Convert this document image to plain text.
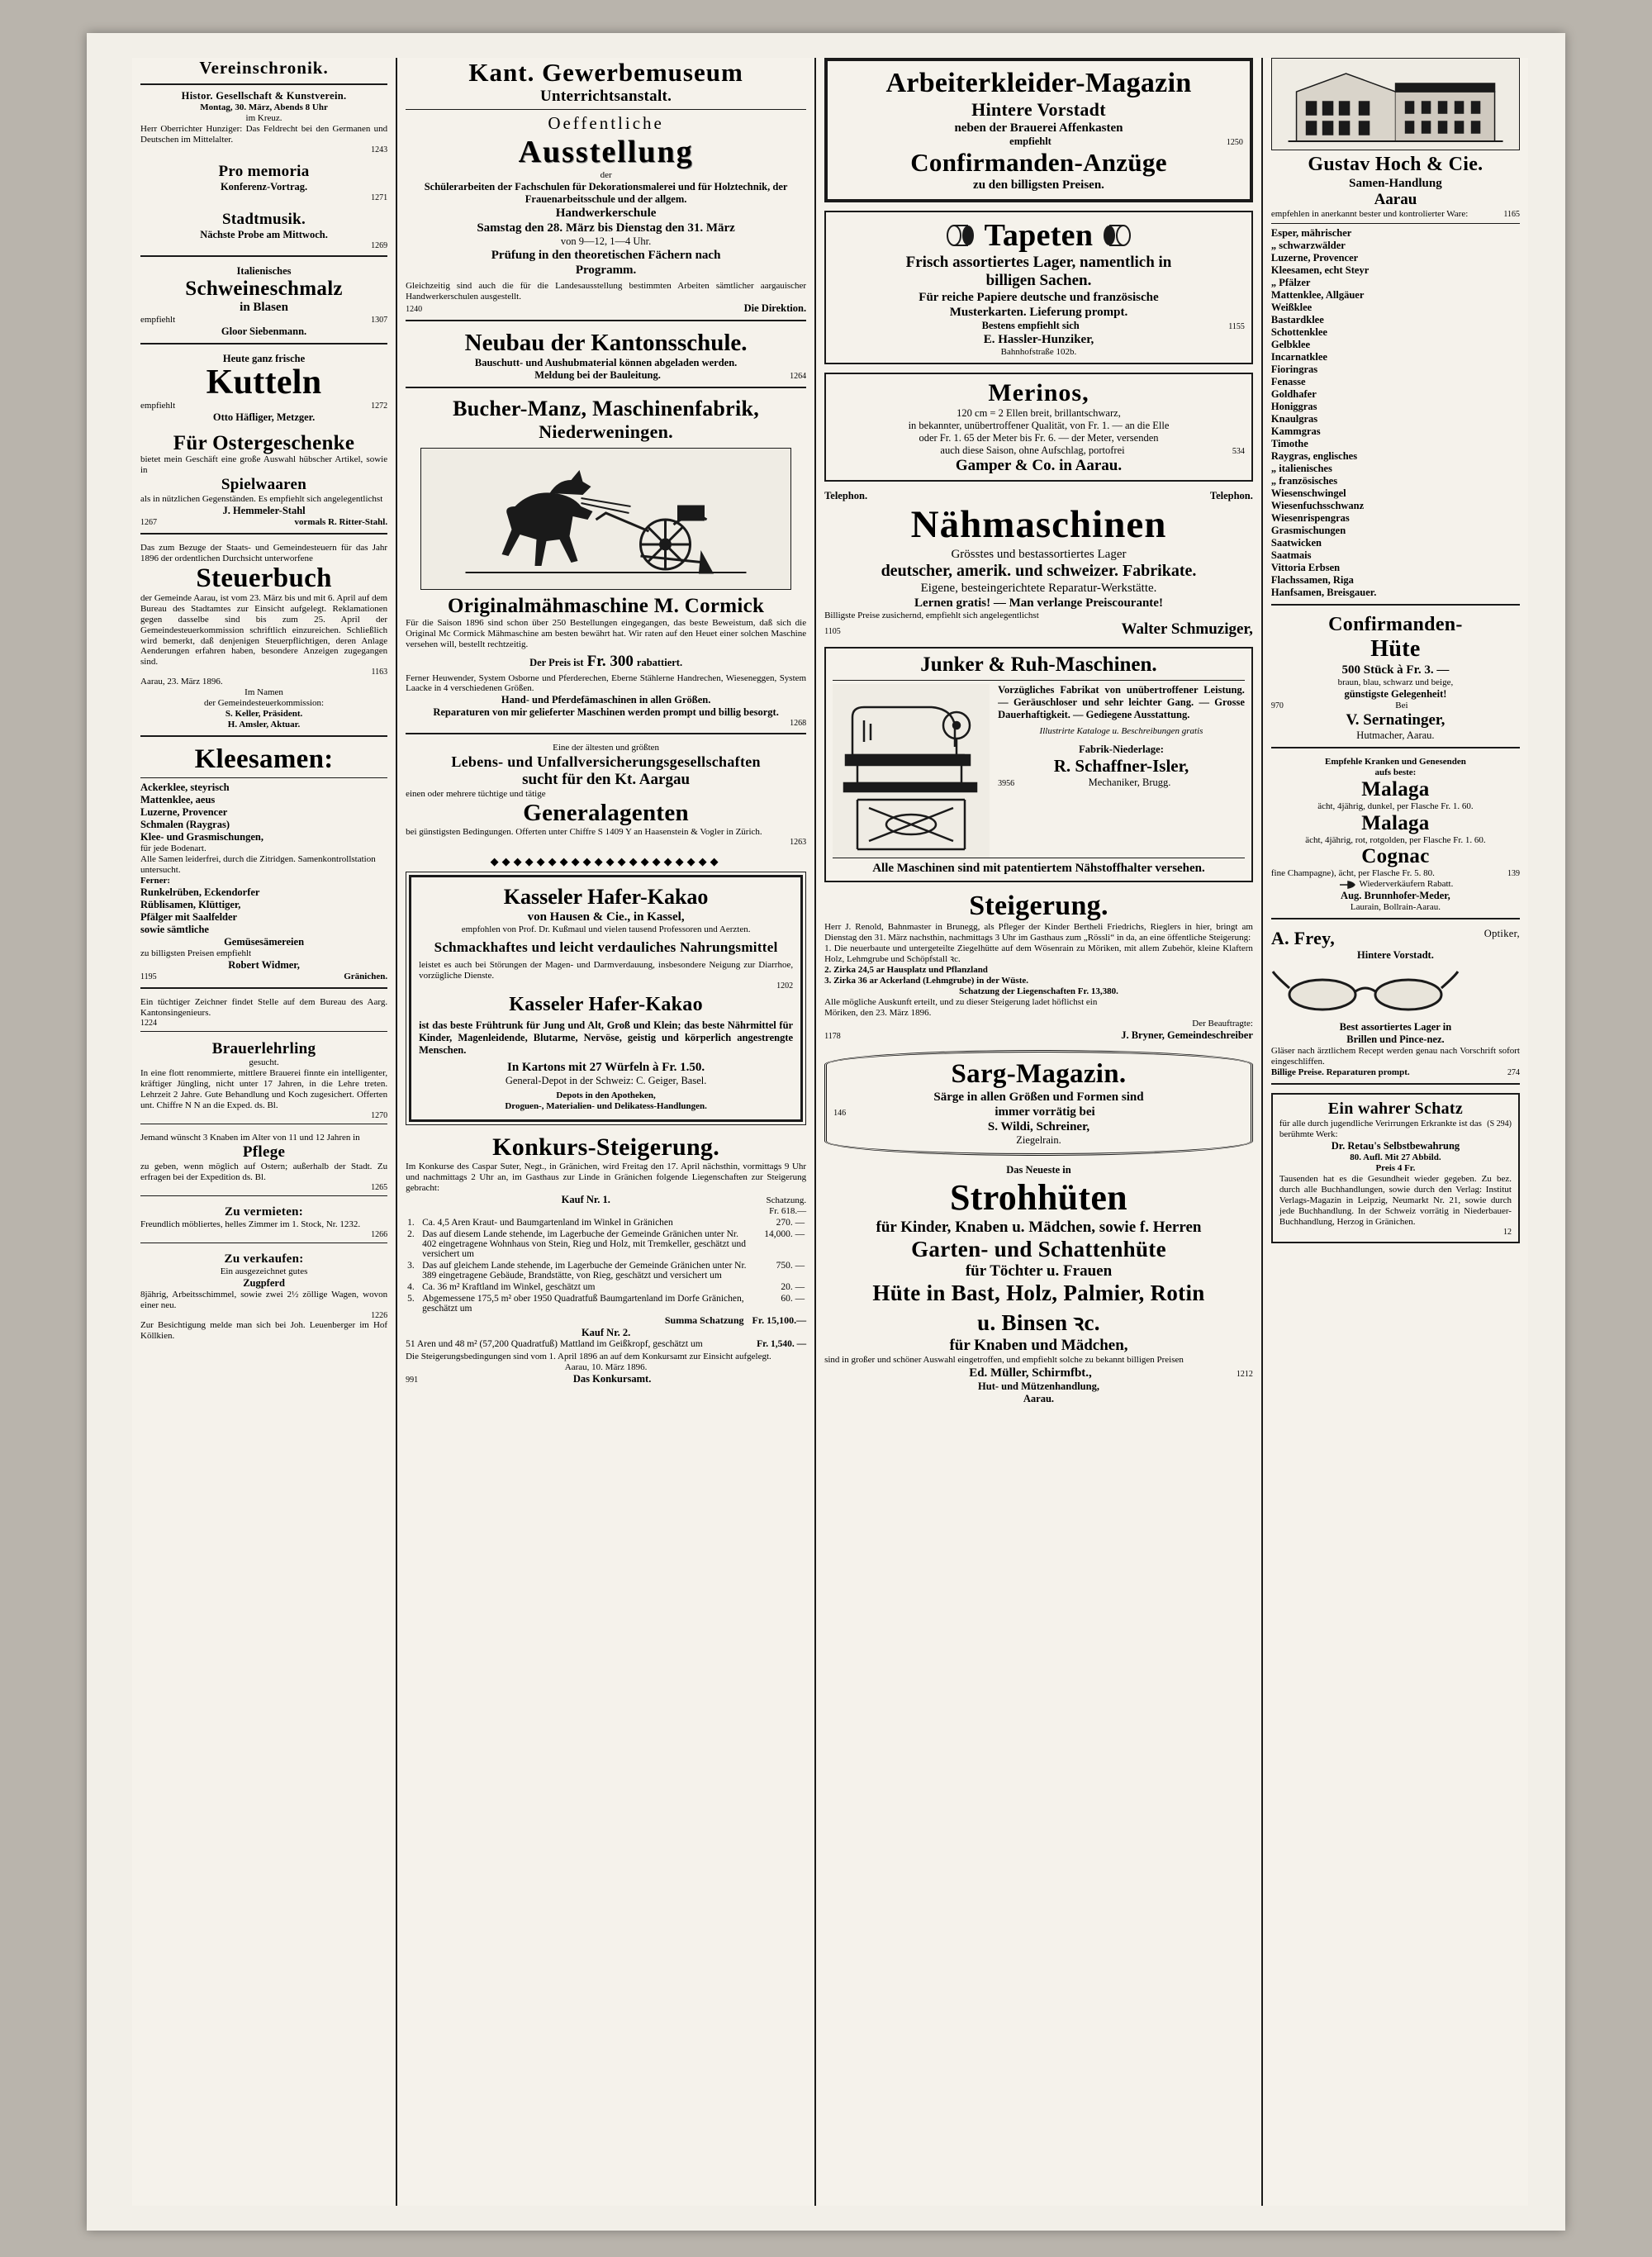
Vereinschronik.
Histor. Gesellschaft & Kunstverein.
Montag, 30. März, Abends 8 Uhr
im Kreuz.
Herr Oberrichter Hunziger: Das Feldrecht bei den Germanen und Deutschen im Mittelalter.
1243
Pro memoria
Konferenz-Vortrag.
1271
Stadtmusik.
Nächste Probe am Mittwoch.
1269
Italienisches
Schweineschmalz
in Blasen
empfiehlt	1307
Gloor Siebenmann.
Heute ganz frische
Kutteln
empfiehlt	1272
Otto Häfliger, Metzger.
Für Ostergeschenke
bietet mein Geschäft eine große Auswahl hübscher Artikel, sowie in
Spielwaaren
als in nützlichen Gegenständen. Es empfiehlt sich angelegentlichst
J. Hemmeler-Stahl
1267	vormals R. Ritter-Stahl.
Das zum Bezuge der Staats- und Gemeindesteuern für das Jahr 1896 der ordentlichen Durchsicht unterworfene
Steuerbuch
der Gemeinde Aarau, ist vom 23. März bis und mit 6. April auf dem Bureau des Stadtamtes zur Einsicht aufgelegt. Reklamationen gegen dasselbe sind bis zum 25. April der Gemeindesteuerkommission schriftlich einzureichen. Schließlich wird bemerkt, daß denjenigen Steuerpflichtigen, deren Anlage Aenderungen erfahren haben, besondere Anzeigen zugegangen sind.
1163
Aarau, 23. März 1896.
Im Namen
der Gemeindesteuerkommission:
S. Keller, Präsident.
H. Amsler, Aktuar.
Kleesamen:
Ackerklee, steyrisch
Mattenklee, aeus
Luzerne, Provencer
Schmalen (Raygras)
Klee- und Grasmischungen,
für jede Bodenart.
Alle Samen leiderfrei, durch die Zitridgen. Samenkontrollstation untersucht.
Ferner:
Runkelrüben, Eckendorfer
Rüblisamen, Klüttiger,
Pfälger mit Saalfelder
sowie sämtliche
Gemüsesämereien
zu billigsten Preisen empfiehlt
Robert Widmer,
1195	Gränichen.
Ein tüchtiger Zeichner findet Stelle auf dem Bureau des Aarg. Kantonsingenieurs.
1224
Brauerlehrling
gesucht.
In eine flott renommierte, mittlere Brauerei finnte ein intelligenter, kräftiger Jüngling, nicht unter 17 Jahren, in die Lehre treten. Lehrzeit 2 Jahre. Gute Behandlung und Koch zugesichert. Offerten unt. Chiffre N N an die Exped. ds. Bl.
1270
Jemand wünscht 3 Knaben im Alter von 11 und 12 Jahren in
Pflege
zu geben, wenn möglich auf Ostern; außerhalb der Stadt. Zu erfragen bei der Expedition ds. Bl.
1265
Zu vermieten:
Freundlich möbliertes, helles Zimmer im 1. Stock, Nr. 1232.
1266
Zu verkaufen:
Ein ausgezeichnet gutes
Zugpferd
8jährig, Arbeitsschimmel, sowie zwei 2½ zöllige Wagen, wovon einer neu.
1226
Zur Besichtigung melde man sich bei Joh. Leuenberger im Hof Köllkien.
Kant. Gewerbemuseum
Unterrichtsanstalt.
Oeffentliche
Ausstellung
der
Schülerarbeiten der Fachschulen für Dekorationsmalerei und für Holztechnik, der Frauenarbeitsschule und der allgem.
Handwerkerschule
Samstag den 28. März bis Dienstag den 31. März
von 9—12, 1—4 Uhr.
Prüfung in den theoretischen Fächern nach
Programm.
Gleichzeitig sind auch die für die Landesausstellung bestimmten Arbeiten sämtlicher aargauischer Handwerkerschulen ausgestellt.
1240	Die Direktion.
Neubau der Kantonsschule.
Bauschutt- und Aushubmaterial können abgeladen werden.
Meldung bei der Bauleitung.	1264
Bucher-Manz, Maschinenfabrik,
Niederweningen.
Originalmähmaschine M. Cormick
Für die Saison 1896 sind schon über 250 Bestellungen eingegangen, das beste Beweistum, daß sich die Original Mc Cormick Mähmaschine am besten bewährt hat. Wir raten auf den Heuet einer solchen Maschine versehen will, bestellt rechtzeitig.
Der Preis ist Fr. 300 rabattiert.
Ferner Heuwender, System Osborne und Pferderechen, Eberne Stählerne Handrechen, Wieseneggen, System Laacke in 4 verschiedenen Größen.
Hand- und Pferdefämaschinen in allen Größen.
Reparaturen von mir gelieferter Maschinen werden prompt und billig besorgt.
1268
Eine der ältesten und größten
Lebens- und Unfallversicherungsgesellschaften
sucht für den Kt. Aargau
einen oder mehrere tüchtige und tätige
Generalagenten
bei günstigsten Bedingungen. Offerten unter Chiffre S 1409 Y an Haasenstein & Vogler in Zürich.
1263
◆◆◆◆◆◆◆◆◆◆◆◆◆◆◆◆◆◆◆◆
Kasseler Hafer-Kakao
von Hausen & Cie., in Kassel,
empfohlen von Prof. Dr. Kußmaul und vielen tausend Professoren und Aerzten.
Schmackhaftes und leicht verdauliches Nahrungsmittel
leistet es auch bei Störungen der Magen- und Darmverdauung, insbesondere Neigung zur Diarrhoe, vorzügliche Dienste.
1202
Kasseler Hafer-Kakao
ist das beste Frühtrunk für Jung und Alt, Groß und Klein; das beste Nährmittel für Kinder, Magenleidende, Blutarme, Nervöse, geistig und körperlich angestrengte Menschen.
In Kartons mit 27 Würfeln à Fr. 1.50.
General-Depot in der Schweiz: C. Geiger, Basel.
Depots in den Apotheken,
Droguen-, Materialien- und Delikatess-Handlungen.
Konkurs-Steigerung.
Im Konkurse des Caspar Suter, Negt., in Gränichen, wird Freitag den 17. April nächsthin, vormittags 9 Uhr und nachmittags 2 Uhr an, im Gasthaus zur Linde in Gränichen folgende Liegenschaften zur Steigerung gebracht:
Kauf Nr. 1.	Schatzung.
Fr. 618.—
1.	Ca. 4,5 Aren Kraut- und Baumgartenland im Winkel in Gränichen	270. —
2.	Das auf diesem Lande stehende, im Lagerbuche der Gemeinde Gränichen unter Nr. 402 eingetragene Wohnhaus von Stein, Rieg und Holz, mit Tremkeller, geschätzt und versichert um	14,000. —
3.	Das auf gleichem Lande stehende, im Lagerbuche der Gemeinde Gränichen unter Nr. 389 eingetragene Gebäude, Brandstätte, von Rieg, geschätzt und versichert um	750. —
4.	Ca. 36 m² Kraftland im Winkel, geschätzt um	20. —
5.	Abgemessene 175,5 m² ober 1950 Quadratfuß Baumgartenland im Dorfe Gränichen, geschätzt um	60. —
Summa Schatzung Fr. 15,100.—
Kauf Nr. 2.
51 Aren und 48 m² (57,200 Quadratfuß) Mattland im Geißkropf, geschätzt um	Fr. 1,540. —
Die Steigerungsbedingungen sind vom 1. April 1896 an auf dem Konkursamt zur Einsicht aufgelegt.
Aarau, 10. März 1896.
991	Das Konkursamt.
Arbeiterkleider-Magazin
Hintere Vorstadt
neben der Brauerei Affenkasten
empfiehlt	1250
Confirmanden-Anzüge
zu den billigsten Preisen.
Tapeten
Frisch assortiertes Lager, namentlich in
billigen Sachen.
Für reiche Papiere deutsche und französische
Musterkarten. Lieferung prompt.
Bestens empfiehlt sich	1155
E. Hassler-Hunziker,
Bahnhofstraße 102b.
Merinos,
120 cm = 2 Ellen breit, brillantschwarz,
in bekannter, unübertroffener Qualität, von Fr. 1. — an die Elle
oder Fr. 1. 65 der Meter bis Fr. 6. — der Meter, versenden
auch diese Saison, ohne Aufschlag, portofrei	534
Gamper & Co. in Aarau.
Telephon.	Telephon.
Nähmaschinen
Grösstes und bestassortiertes Lager
deutscher, amerik. und schweizer. Fabrikate.
Eigene, besteingerichtete Reparatur-Werkstätte.
Lernen gratis! — Man verlange Preiscourante!
Billigste Preise zusichernd, empfiehlt sich angelegentlichst
1105	Walter Schmuziger,
Junker & Ruh-Maschinen.
Vorzügliches Fabrikat von unübertroffener Leistung. — Geräuschloser und sehr leichter Gang. — Grosse Dauerhaftigkeit. — Gediegene Ausstattung.
Illustrirte Kataloge u. Beschreibungen gratis
Fabrik-Niederlage:
R. Schaffner-Isler,
3956	Mechaniker, Brugg.
Alle Maschinen sind mit patentiertem Nähstoffhalter versehen.
Steigerung.
Herr J. Renold, Bahnmaster in Brunegg, als Pfleger der Kinder Bertheli Friedrichs, Rieglers in hier, bringt am Dienstag den 31. März nachsthin, nachmittags 3 Uhr im Gasthaus zum „Rössli“ in da, an eine öffentliche Steigerung:
1. Die neuerbaute und untergeteilte Ziegelhütte auf dem Wösenrain zu Möriken, mit allem Zubehör, kleine Klaftern Holz, Lehmgrube und Schöpfstall ꝛc.
2. Zirka 24,5 ar Hausplatz und Pflanzland
3. Zirka 36 ar Ackerland (Lehmgrube) in der Wüste.
Schatzung der Liegenschaften Fr. 13,380.
Alle mögliche Auskunft erteilt, und zu dieser Steigerung ladet höflichst ein
Möriken, den 23. März 1896.
Der Beauftragte:
1178	J. Bryner, Gemeindeschreiber
Sarg-Magazin.
Särge in allen Größen und Formen sind
146	immer vorrätig bei
S. Wildi, Schreiner,
Ziegelrain.
Das Neueste in
Strohhüten
für Kinder, Knaben u. Mädchen, sowie f. Herren
Garten- und Schattenhüte
für Töchter u. Frauen
Hüte in Bast, Holz, Palmier, Rotin
u. Binsen ꝛc.
für Knaben und Mädchen,
sind in großer und schöner Auswahl eingetroffen, und empfiehlt solche zu bekannt billigen Preisen
Ed. Müller, Schirmfbt.,	1212
Hut- und Mützenhandlung,
Aarau.
Gustav Hoch & Cie.
Samen-Handlung
Aarau
empfehlen in anerkannt bester und kontrolierter Ware:	1165
Esper, mährischer
„ schwarzwälder
Luzerne, Provencer
Kleesamen, echt Steyr
„ Pfälzer
Mattenklee, Allgäuer
Weißklee
Bastardklee
Schottenklee
Gelbklee
Incarnatklee
Fioringras
Fenasse
Goldhafer
Honiggras
Knaulgras
Kammgras
Timothe
Raygras, englisches
„ italienisches
„ französisches
Wiesenschwingel
Wiesenfuchsschwanz
Wiesenrispengras
Grasmischungen
Saatwicken
Saatmais
Vittoria Erbsen
Flachssamen, Riga
Hanfsamen, Breisgauer.
Confirmanden-
Hüte
500 Stück à Fr. 3. —
braun, blau, schwarz und beige,
günstigste Gelegenheit!
970	Bei
V. Sernatinger,
Hutmacher, Aarau.
Empfehle Kranken und Genesenden
aufs beste:
Malaga
ächt, 4jährig, dunkel, per Flasche Fr. 1. 60.
Malaga
ächt, 4jährig, rot, rotgolden, per Flasche Fr. 1. 60.
Cognac
fine Champagne), ächt, per Flasche Fr. 5. 80.	139
Wiederverkäufern Rabatt.
Aug. Brunnhofer-Meder,
Laurain, Bollrain-Aarau.
A. Frey,	Optiker,
Hintere Vorstadt.
Best assortiertes Lager in
Brillen und Pince-nez.
Gläser nach ärztlichem Recept werden genau nach Vorschrift sofort eingeschliffen.
Billige Preise. Reparaturen prompt.	274
Ein wahrer Schatz
für alle durch jugendliche Verirrungen Erkrankte ist das berühmte Werk:
(S 294)
Dr. Retau's Selbstbewahrung
80. Aufl. Mit 27 Abbild.
Preis 4 Fr.
Tausenden hat es die Gesundheit wieder gegeben. Zu bez. durch alle Buchhandlungen, sowie durch den Verlag: Institut Verlags-Magazin in Leipzig, Neumarkt Nr. 21, sowie durch jede Buchhandlung. In der Schweiz vorrätig in Niederbauer-Buchhandlung, Herzog in Gränichen.
12
